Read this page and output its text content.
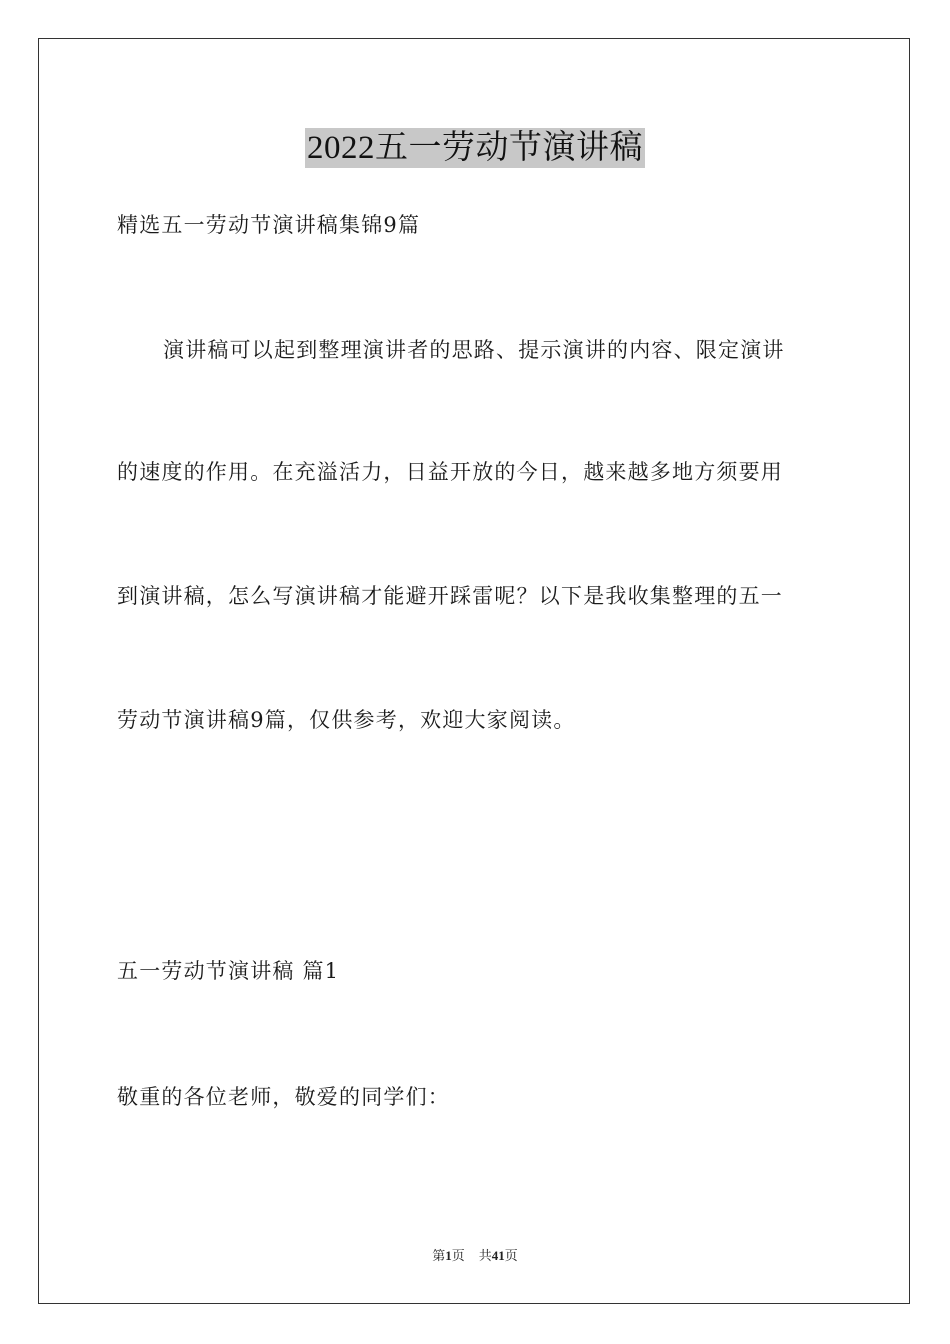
2022五一劳动节演讲稿
精选五一劳动节演讲稿集锦9篇
演讲稿可以起到整理演讲者的思路、提示演讲的内容、限定演讲
的速度的作用。在充溢活力，日益开放的今日，越来越多地方须要用
到演讲稿，怎么写演讲稿才能避开踩雷呢？以下是我收集整理的五一
劳动节演讲稿9篇，仅供参考，欢迎大家阅读。
五一劳动节演讲稿 篇1
敬重的各位老师，敬爱的同学们：
第1页 共41页
